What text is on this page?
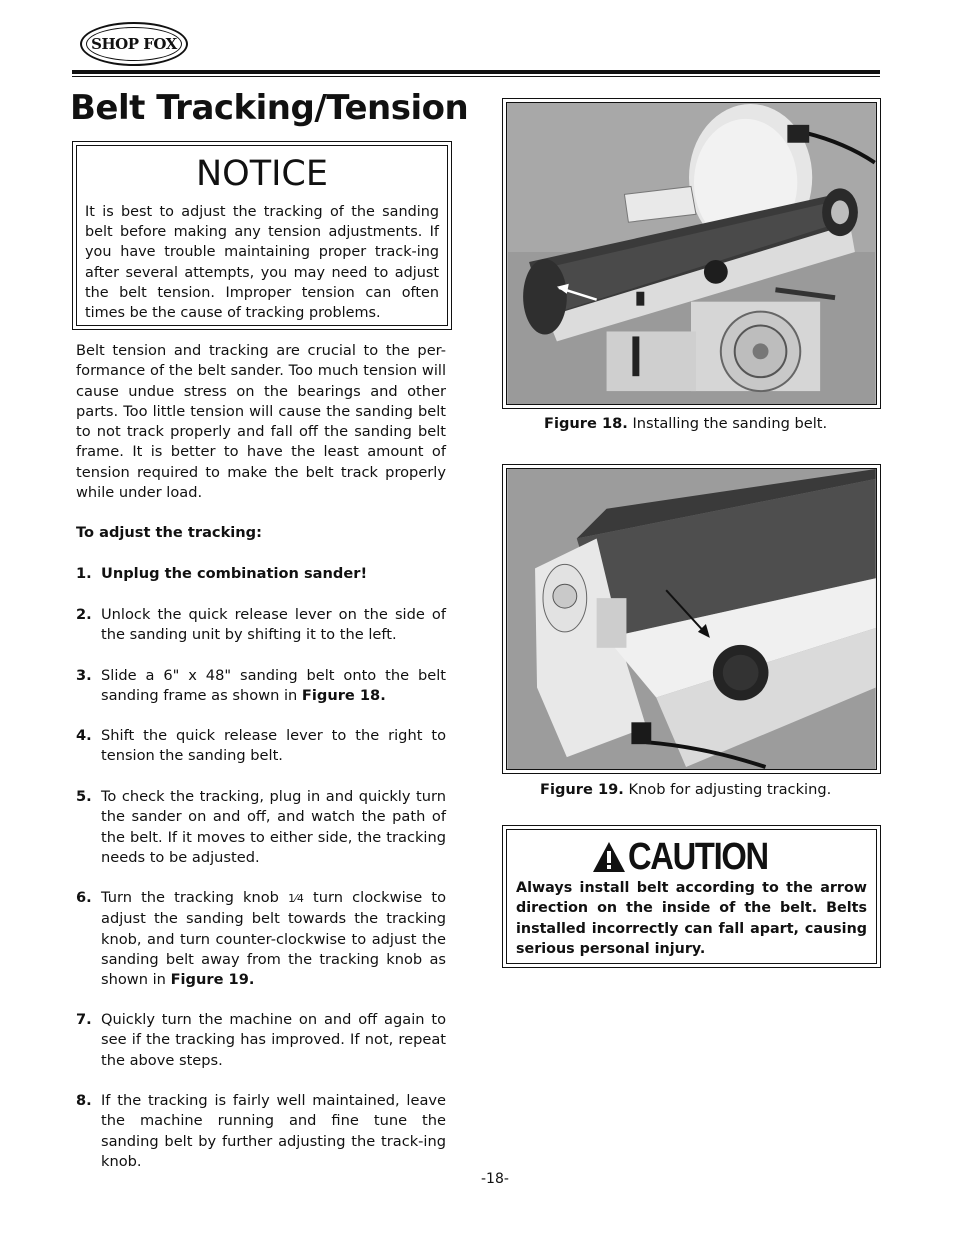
SHOP FOX
Belt Tracking/Tension
NOTICE

It is best to adjust the tracking of the sanding belt before making any tension adjustments. If you have trouble maintaining proper track-ing after several attempts, you may need to adjust the belt tension. Improper tension can often times be the cause of tracking problems.

Belt tension and tracking are crucial to the per-formance of the belt sander. Too much tension will cause undue stress on the bearings and other parts. Too little tension will cause the sanding belt to not track properly and fall off the sanding belt frame. It is better to have the least amount of tension required to make the belt track properly while under load.

To adjust the tracking:
1. Unplug the combination sander!
2. Unlock the quick release lever on the side of the sanding unit by shifting it to the left.
3. Slide a 6" x 48" sanding belt onto the belt sanding frame as shown in Figure 18.
4. Shift the quick release lever to the right to tension the sanding belt.
5. To check the tracking, plug in and quickly turn the sander on and off, and watch the path of the belt. If it moves to either side, the tracking needs to be adjusted.
6. Turn the tracking knob 1⁄4 turn clockwise to adjust the sanding belt towards the tracking knob, and turn counter-clockwise to adjust the sanding belt away from the tracking knob as shown in Figure 19.
7. Quickly turn the machine on and off again to see if the tracking has improved. If not, repeat the above steps.
8. If the tracking is fairly well maintained, leave the machine running and fine tune the sanding belt by further adjusting the track-ing knob.
Figure 18. Installing the sanding belt.
Figure 19. Knob for adjusting tracking.
CAUTION

Always install belt according to the arrow direction on the inside of the belt. Belts installed incorrectly can fall apart, causing serious personal injury.

-18-
